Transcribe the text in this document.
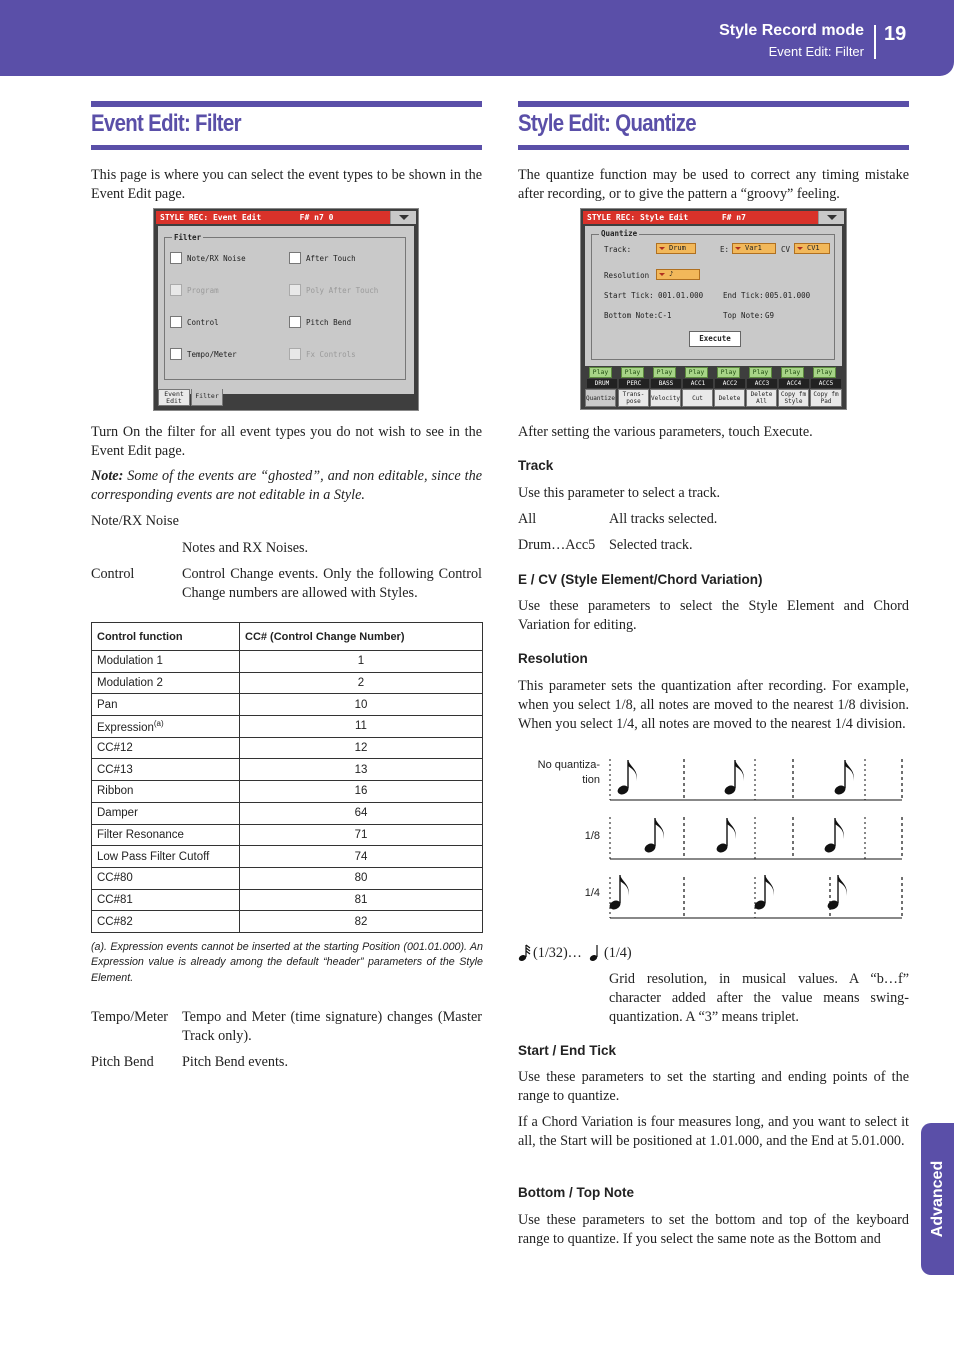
Style Record mode
Event Edit: Filter
19
Advanced
Event Edit: Filter
This page is where you can select the event types to be shown in the Event Edit page.
STYLE REC: Event Edit        F# n7 0
Filter
Note/RX Noise	After Touch
Program	Poly After Touch
Control	Pitch Bend
Tempo/Meter	Fx Controls
Event Edit
Filter
Turn On the filter for all event types you do not wish to see in the Event Edit page.
Note: Some of the events are “ghosted”, and non editable, since the corresponding events are not editable in a Style.
Note/RX Noise
Notes and RX Noises.
Control	Control Change events. Only the following Control Change numbers are allowed with Styles.
Control function	CC# (Control Change Number)
Modulation 1	1
Modulation 2	2
Pan	10
Expression$^{(a)}$	11
CC#12	12
CC#13	13
Ribbon	16
Damper	64
Filter Resonance	71
Low Pass Filter Cutoff	74
CC#80	80
CC#81	81
CC#82	82
(a). Expression events cannot be inserted at the starting Position (001.01.000). An Expression value is already among the default “header” parameters of the Style Element.
Tempo/Meter Tempo and Meter (time signature) changes (Master Track only).
Pitch Bend Pitch Bend events.
Style Edit: Quantize
The quantize function may be used to correct any timing mistake after recording, or to give the pattern a “groovy” feeling.
STYLE REC: Style Edit       F# n7
Quantize
Track:	Drum	E:	Var1	CV	CV1
Resolution	♪
Start Tick: 001.01.000	End Tick: 005.01.000
Bottom Note: C-1	Top Note: G9
Execute
Play	Play	Play	Play	Play	Play	Play	Play
DRUM	PERC	BASS	ACC1	ACC2	ACC3	ACC4	ACC5
Quantize
Trans-pose	Velocity	Cut	Delete
Delete All
Copy fm Style
Copy fm Pad
After setting the various parameters, touch Execute.
Track
Use this parameter to select a track.
All	All tracks selected.
Drum…Acc5 Selected track.
E / CV (Style Element/Chord Variation)
Use these parameters to select the Style Element and Chord Variation for editing.
Resolution
This parameter sets the quantization after recording. For example, when you select 1/8, all notes are moved to the nearest 1/8 division. When you select 1/4, all notes are moved to the nearest 1/4 division.
No quantiza-tion
1/8
1/4
(1/32)… (1/4)
Grid resolution, in musical values. A “b…f” character added after the value means swing-quantization. A “3” means triplet.
Start / End Tick
Use these parameters to set the starting and ending points of the range to quantize.
If a Chord Variation is four measures long, and you want to select it all, the Start will be positioned at 1.01.000, and the End at 5.01.000.
Bottom / Top Note
Use these parameters to set the bottom and top of the keyboard range to quantize. If you select the same note as the Bottom and
